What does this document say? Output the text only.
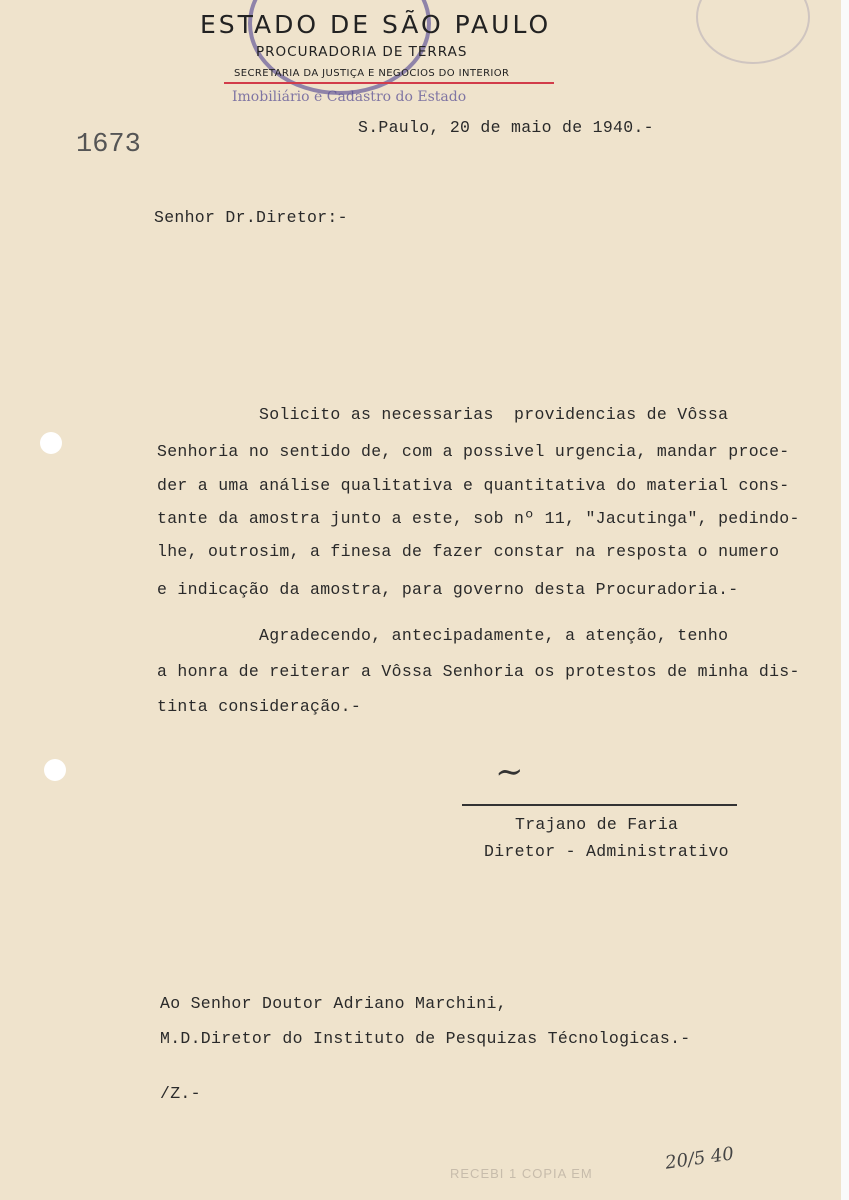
ESTADO DE SÃO PAULO
PROCURADORIA DE TERRAS
SECRETARIA DA JUSTIÇA E NEGOCIOS DO INTERIOR
Imobiliário e Cadastro do Estado
1673
S.Paulo, 20 de maio de 1940.-
Senhor Dr.Diretor:-
Solicito as necessarias  providencias de Vôssa
Senhoria no sentido de, com a possivel urgencia, mandar proce-
der a uma análise qualitativa e quantitativa do material cons-
tante da amostra junto a este, sob nº 11, "Jacutinga", pedindo-
lhe, outrosim, a finesa de fazer constar na resposta o numero
e indicação da amostra, para governo desta Procuradoria.-
Agradecendo, antecipadamente, a atenção, tenho
a honra de reiterar a Vôssa Senhoria os protestos de minha dis-
tinta consideração.-
~
Trajano de Faria
Diretor - Administrativo
Ao Senhor Doutor Adriano Marchini,
M.D.Diretor do Instituto de Pesquizas Técnologicas.-
/Z.-
RECEBI 1 COPIA EM	20/5 40
